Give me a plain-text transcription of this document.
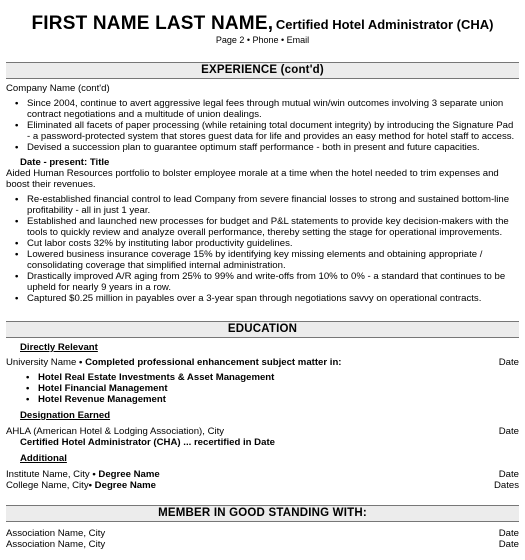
FIRST NAME LAST NAME, Certified Hotel Administrator (CHA)
Page 2 • Phone • Email
EXPERIENCE (cont'd)
Company Name (cont'd)
• Since 2004, continue to avert aggressive legal fees through mutual win/win outcomes involving 3 separate union contract negotiations and a multitude of union dealings.
• Eliminated all facets of paper processing (while retaining total document integrity) by introducing the Signature Pad - a password-protected system that stores guest data for life and provides an easy method for hotel staff to access.
• Devised a succession plan to guarantee optimum staff performance - both in present and future capacities.
Date - present: Title
Aided Human Resources portfolio to bolster employee morale at a time when the hotel needed to trim expenses and boost their revenues.
• Re-established financial control to lead Company from severe financial losses to strong and sustained bottom-line profitability - all in just 1 year.
• Established and launched new processes for budget and P&L statements to provide key decision-makers with the tools to quickly review and analyze overall performance, thereby setting the stage for operational improvements.
• Cut labor costs 32% by instituting labor productivity guidelines.
• Lowered business insurance coverage 15% by identifying key missing elements and obtaining appropriate / consolidating coverage that simplified internal administration.
• Drastically improved A/R aging from 25% to 99% and write-offs from 10% to 0% - a standard that continues to be upheld for nearly 9 years in a row.
• Captured $0.25 million in payables over a 3-year span through negotiations savvy on operational contracts.
EDUCATION
Directly Relevant
University Name • Completed professional enhancement subject matter in:	Date
• Hotel Real Estate Investments & Asset Management
• Hotel Financial Management
• Hotel Revenue Management
Designation Earned
AHLA (American Hotel & Lodging Association), City	Date
Certified Hotel Administrator (CHA) ... recertified in Date
Additional
Institute Name, City • Degree Name	Date
College Name, City• Degree Name	Dates
MEMBER IN GOOD STANDING WITH:
Association Name, City	Date
Association Name, City	Date
